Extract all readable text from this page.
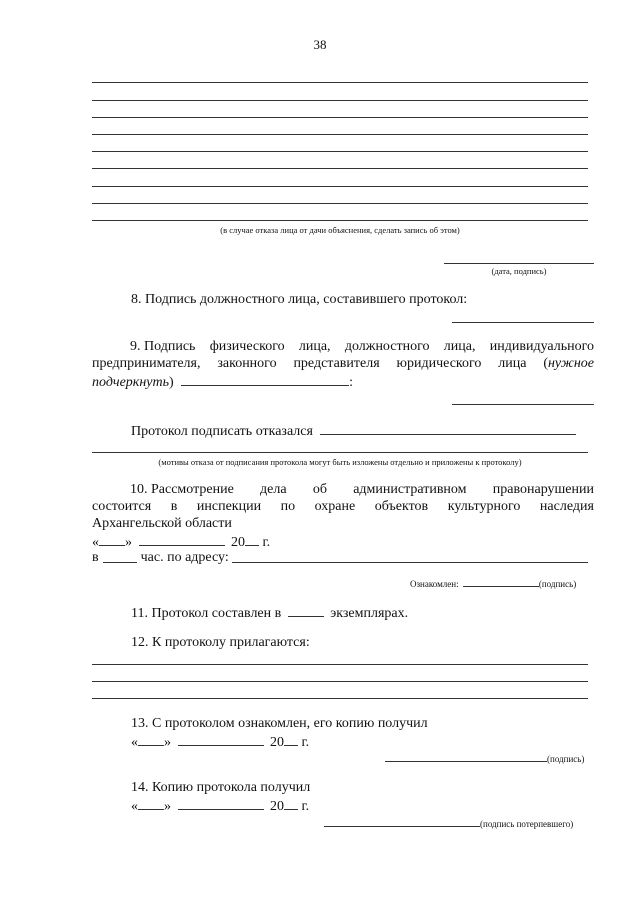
38
(в случае отказа лица от дачи объяснения, сделать запись об этом)
(дата, подпись)
8. Подпись должностного лица, составившего протокол:
9. Подпись физического лица, должностного лица, индивидуального
предпринимателя, законного представителя юридического лица (нужное
подчеркнуть)	:
Протокол подписать отказался
(мотивы отказа от подписания протокола могут быть изложены отдельно и приложены к протоколу)
10. Рассмотрение дела об административном правонарушении
состоится в инспекции по охране объектов культурного наследия
Архангельской области
« »	20 г.
в	час. по адресу:
Ознакомлен:	(подпись)
11. Протокол составлен в	экземплярах.
12. К протоколу прилагаются:
13. С протоколом ознакомлен, его копию получил
« »	20 г.
(подпись)
14. Копию протокола получил
« »	20 г.
(подпись потерпевшего)
